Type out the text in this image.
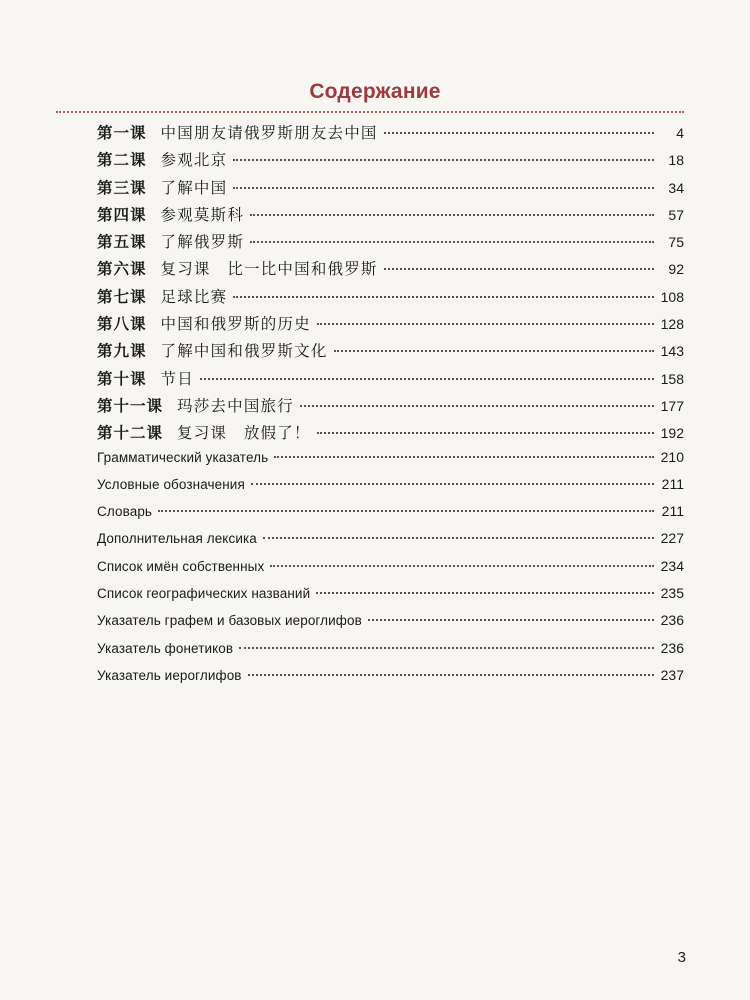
Содержание
第一课 中国朋友请俄罗斯朋友去中国	4
第二课 参观北京	18
第三课 了解中国	34
第四课 参观莫斯科	57
第五课 了解俄罗斯	75
第六课 复习课　比一比中国和俄罗斯	92
第七课 足球比赛	108
第八课 中国和俄罗斯的历史	128
第九课 了解中国和俄罗斯文化	143
第十课 节日	158
第十一课 玛莎去中国旅行	177
第十二课 复习课　放假了！	192
Грамматический указатель	210
Условные обозначения	211
Словарь	211
Дополнительная лексика	227
Список имён собственных	234
Список географических названий	235
Указатель графем и базовых иероглифов	236
Указатель фонетиков	236
Указатель иероглифов	237
3
